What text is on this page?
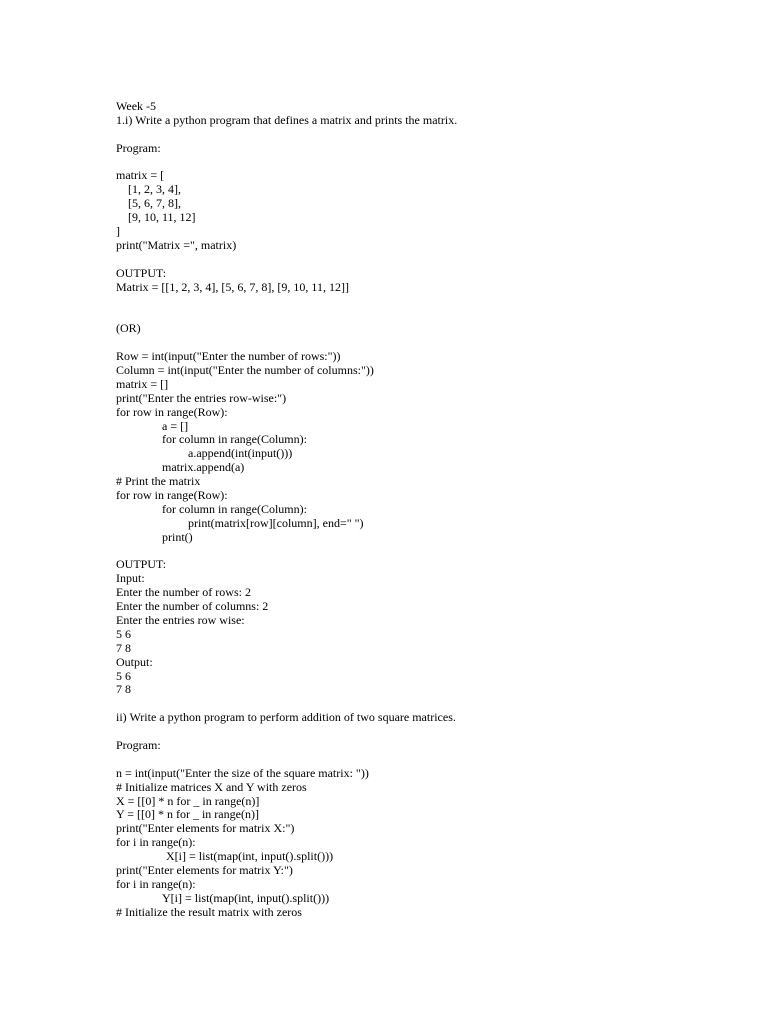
Week -5
1.i) Write a python program that defines a matrix and prints the matrix.
Program:
matrix = [
[1, 2, 3, 4],
[5, 6, 7, 8],
[9, 10, 11, 12]
]
print("Matrix =", matrix)
OUTPUT:
Matrix = [[1, 2, 3, 4], [5, 6, 7, 8], [9, 10, 11, 12]]
(OR)
Row = int(input("Enter the number of rows:"))
Column = int(input("Enter the number of columns:"))
matrix = []
print("Enter the entries row-wise:")
for row in range(Row):
a = []
for column in range(Column):
a.append(int(input()))
matrix.append(a)
# Print the matrix
for row in range(Row):
for column in range(Column):
print(matrix[row][column], end=" ")
print()
OUTPUT:
Input:
Enter the number of rows: 2
Enter the number of columns: 2
Enter the entries row wise:
5 6
7 8
Output:
5 6
7 8
ii) Write a python program to perform addition of two square matrices.
Program:
n = int(input("Enter the size of the square matrix: "))
# Initialize matrices X and Y with zeros
X = [[0] * n for _ in range(n)]
Y = [[0] * n for _ in range(n)]
print("Enter elements for matrix X:")
for i in range(n):
X[i] = list(map(int, input().split()))
print("Enter elements for matrix Y:")
for i in range(n):
Y[i] = list(map(int, input().split()))
# Initialize the result matrix with zeros
